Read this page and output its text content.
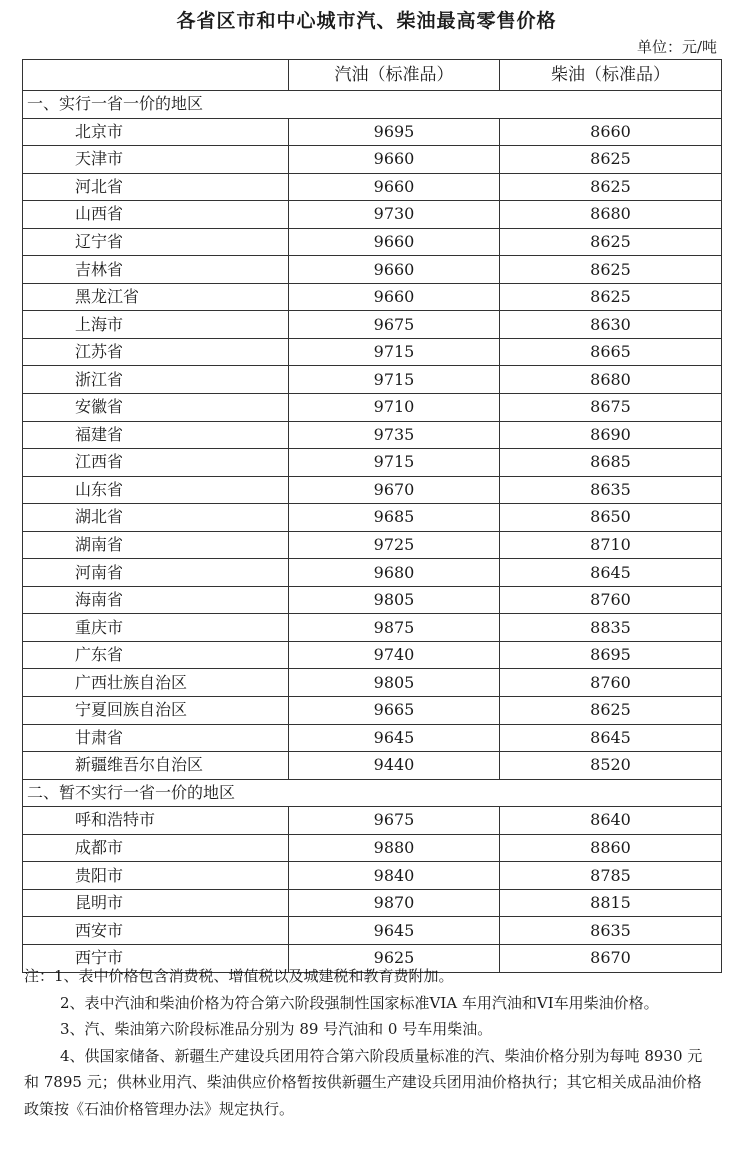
各省区市和中心城市汽、柴油最高零售价格
单位：元/吨
	汽油（标准品）	柴油（标准品）
一、实行一省一价的地区		
北京市	9695	8660
天津市	9660	8625
河北省	9660	8625
山西省	9730	8680
辽宁省	9660	8625
吉林省	9660	8625
黑龙江省	9660	8625
上海市	9675	8630
江苏省	9715	8665
浙江省	9715	8680
安徽省	9710	8675
福建省	9735	8690
江西省	9715	8685
山东省	9670	8635
湖北省	9685	8650
湖南省	9725	8710
河南省	9680	8645
海南省	9805	8760
重庆市	9875	8835
广东省	9740	8695
广西壮族自治区	9805	8760
宁夏回族自治区	9665	8625
甘肃省	9645	8645
新疆维吾尔自治区	9440	8520
二、暂不实行一省一价的地区		
呼和浩特市	9675	8640
成都市	9880	8860
贵阳市	9840	8785
昆明市	9870	8815
西安市	9645	8635
西宁市	9625	8670

注：1、表中价格包含消费税、增值税以及城建税和教育费附加。

2、表中汽油和柴油价格为符合第六阶段强制性国家标准VIA 车用汽油和VI车用柴油价格。

3、汽、柴油第六阶段标准品分别为 89 号汽油和 0 号车用柴油。

4、供国家储备、新疆生产建设兵团用符合第六阶段质量标准的汽、柴油价格分别为每吨 8930 元和 7895 元；供林业用汽、柴油供应价格暂按供新疆生产建设兵团用油价格执行；其它相关成品油价格政策按《石油价格管理办法》规定执行。
